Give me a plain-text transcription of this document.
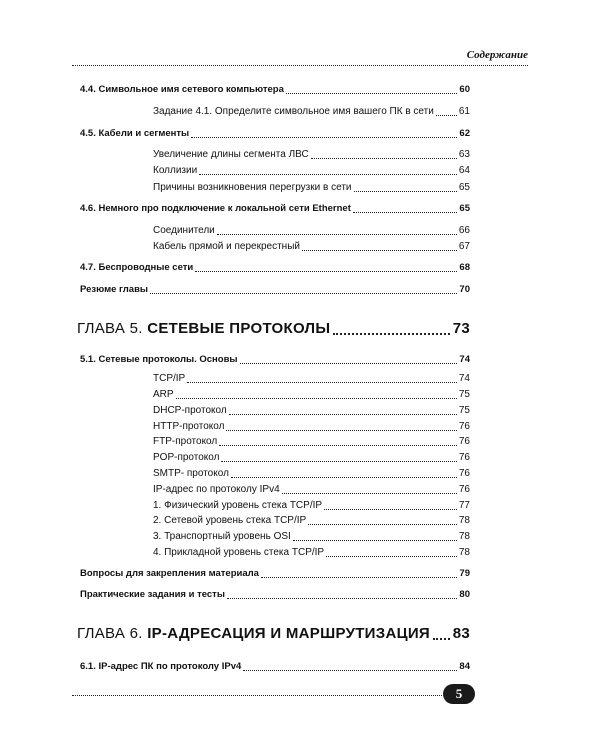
Содержание
4.4. Символьное имя сетевого компьютера	60
Задание 4.1. Определите символьное имя вашего ПК в сети	61
4.5. Кабели и сегменты	62
Увеличение длины сегмента ЛВС	63
Коллизии	64
Причины возникновения перегрузки в сети	65
4.6. Немного про подключение к локальной сети Ethernet	65
Соединители	66
Кабель прямой и перекрестный	67
4.7. Беспроводные сети	68
Резюме главы	70
ГЛАВА 5. СЕТЕВЫЕ ПРОТОКОЛЫ	73
5.1. Сетевые протоколы. Основы	74
TCP/IP	74
ARP	75
DHCP-протокол	75
HTTP-протокол	76
FTP-протокол	76
POP-протокол	76
SMTP- протокол	76
IP-адрес по протоколу IPv4	76
1. Физический уровень стека TCP/IP	77
2. Сетевой уровень стека TCP/IP	78
3. Транспортный уровень OSI	78
4. Прикладной уровень стека TCP/IP	78
Вопросы для закрепления материала	79
Практические задания и тесты	80
ГЛАВА 6. IP-АДРЕСАЦИЯ И МАРШРУТИЗАЦИЯ 83
6.1. IP-адрес ПК по протоколу IPv4	84
5
